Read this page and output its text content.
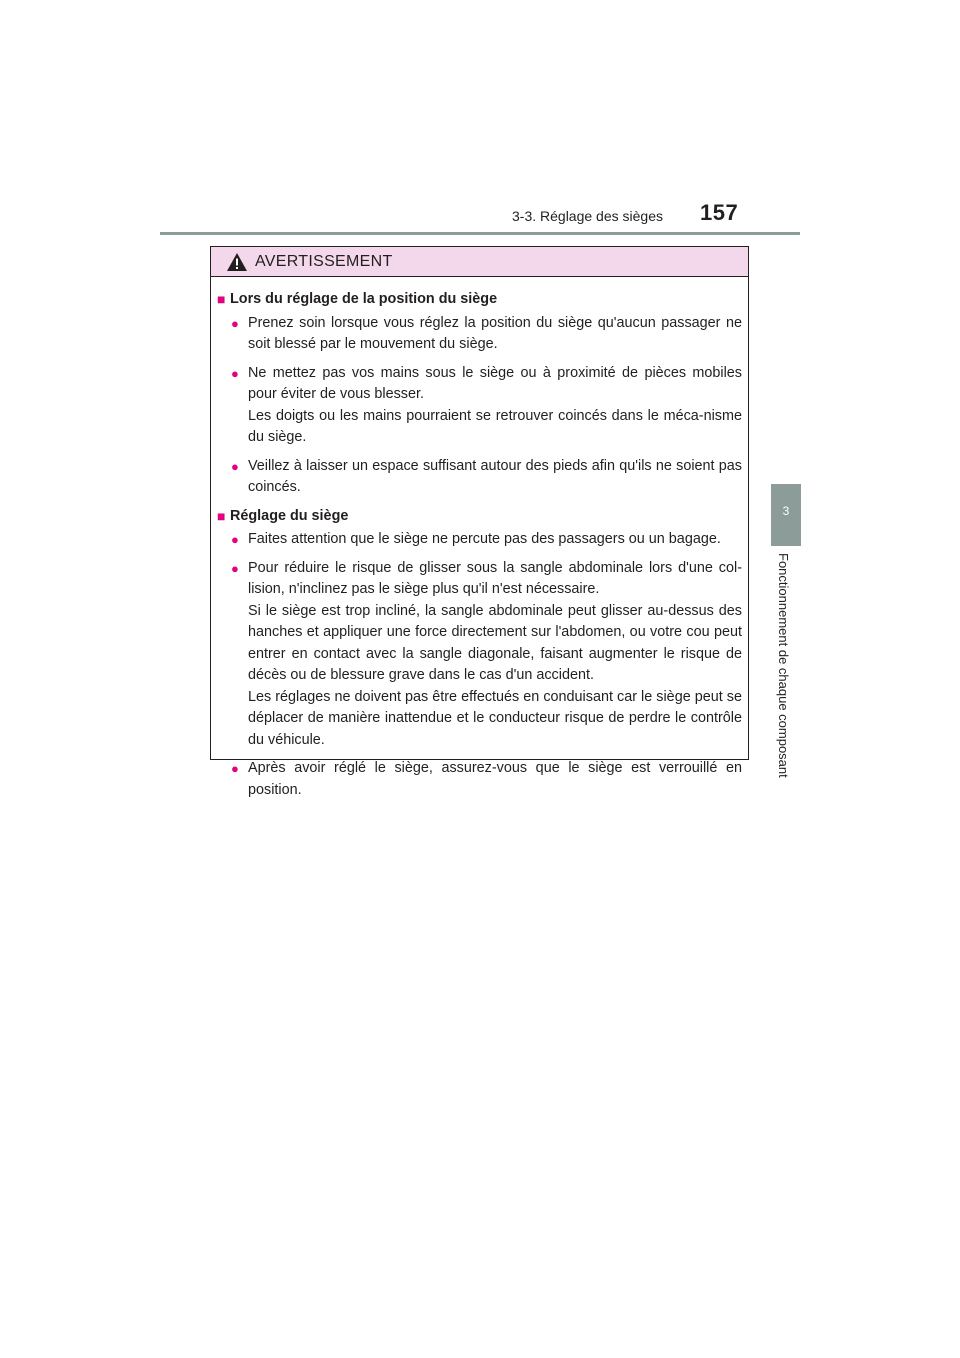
3-3. Réglage des sièges 157
3
Fonctionnement de chaque composant
AVERTISSEMENT
■ Lors du réglage de la position du siège
● Prenez soin lorsque vous réglez la position du siège qu'aucun passager ne soit blessé par le mouvement du siège.

● Ne mettez pas vos mains sous le siège ou à proximité de pièces mobiles pour éviter de vous blesser.

Les doigts ou les mains pourraient se retrouver coincés dans le méca-nisme du siège.

● Veillez à laisser un espace suffisant autour des pieds afin qu'ils ne soient pas coincés.

■ Réglage du siège
● Faites attention que le siège ne percute pas des passagers ou un bagage.

● Pour réduire le risque de glisser sous la sangle abdominale lors d'une col-lision, n'inclinez pas le siège plus qu'il n'est nécessaire.

Si le siège est trop incliné, la sangle abdominale peut glisser au-dessus des hanches et appliquer une force directement sur l'abdomen, ou votre cou peut entrer en contact avec la sangle diagonale, faisant augmenter le risque de décès ou de blessure grave dans le cas d'un accident.

Les réglages ne doivent pas être effectués en conduisant car le siège peut se déplacer de manière inattendue et le conducteur risque de perdre le contrôle du véhicule.

● Après avoir réglé le siège, assurez-vous que le siège est verrouillé en position.
